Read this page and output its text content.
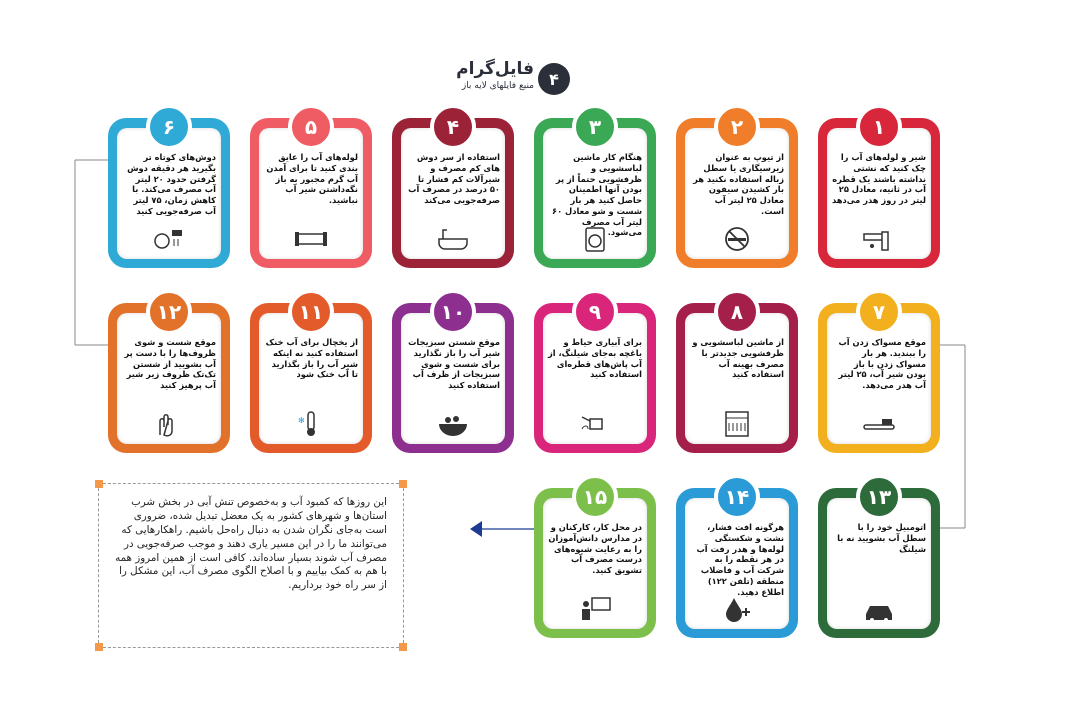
۴
فایل‌گرام
منبع فایلهای لایه باز
۱
شیر و لوله‌های آب را چک کنید که نشتی نداشته باشند یک قطره آب در ثانیه، معادل ۲۵ لیتر در روز هدر می‌دهد
۲
از تیوپ به عنوان زیرسیگاری یا سطل زباله استفاده نکنید هر بار کشیدن سیفون معادل ۲۵ لیتر آب است.
۳
هنگام کار ماشین لباسشویی و ظرفشویی حتماً از پر بودن آنها اطمینان حاصل کنید هر بار شست و شو معادل ۶۰ لیتر آب مصرف می‌شود.
۴
استفاده از سر دوش های کم مصرف و شیرآلات کم فشار تا ۵۰ درصد در مصرف آب صرفه‌جویی می‌کند
۵
لوله‌های آب را عایق بندی کنید تا برای آمدن آب گرم مجبور به باز نگه‌داشتن شیر آب نباشید.
۶
دوش‌های کوتاه تر بگیرید هر دقیقه دوش گرفتن حدود ۲۰ لیتر آب مصرف می‌کند. با کاهش زمان، ۷۵ لیتر آب صرفه‌جویی کنید
۷
موقع مسواک زدن آب را ببندید. هر بار مسواک زدن با باز بودن شیر آب، ۲۵ لیتر آب هدر می‌دهد.
۸
از ماشین لباسشویی و ظرفشویی جدیدتر با مصرف بهینه آب استفاده کنید
۹
برای آبیاری حیاط و باغچه به‌جای شیلنگ، از آب پاش‌های قطره‌ای استفاده کنید
۱۰
موقع شستن سبزیجات شیر آب را باز نگذارید برای شست و شوی سبزیجات از ظرف آب استفاده کنید
۱۱
از یخچال برای آب خنک استفاده کنید نه اینکه شیر آب را باز بگذارید تا آب خنک شود
✻
۱۲
موقع شست و شوی ظروف‌ها را با دست پر آب بشویید از شستن تک‌تک ظروف زیر شیر آب پرهیز کنید
۱۳
اتومبیل خود را با سطل آب بشویید نه با شیلنگ
۱۴
هرگونه افت فشار، نشت و شکستگی لوله‌ها و هدر رفت آب در هر نقطه را به شرکت آب و فاضلاب منطقه (تلفن ۱۲۲) اطلاع دهید.
۱۵
در محل کار، کارکنان و در مدارس دانش‌آموزان را به رعایت شیوه‌های درست مصرف آب تشویق کنید.
این روزها که کمبود آب و به‌خصوص تنش آبی در بخش شرب استان‌ها و شهرهای کشور به یک معضل تبدیل شده، ضروری است به‌جای نگران شدن به دنبال راه‌حل باشیم. راهکارهایی که می‌توانند ما را در این مسیر یاری دهند و موجب صرفه‌جویی در مصرف آب شوند بسیار ساده‌اند. کافی است از همین امروز همه با هم به کمک بیاییم و با اصلاح الگوی مصرف آب، این مشکل را از سر راه خود برداریم.
